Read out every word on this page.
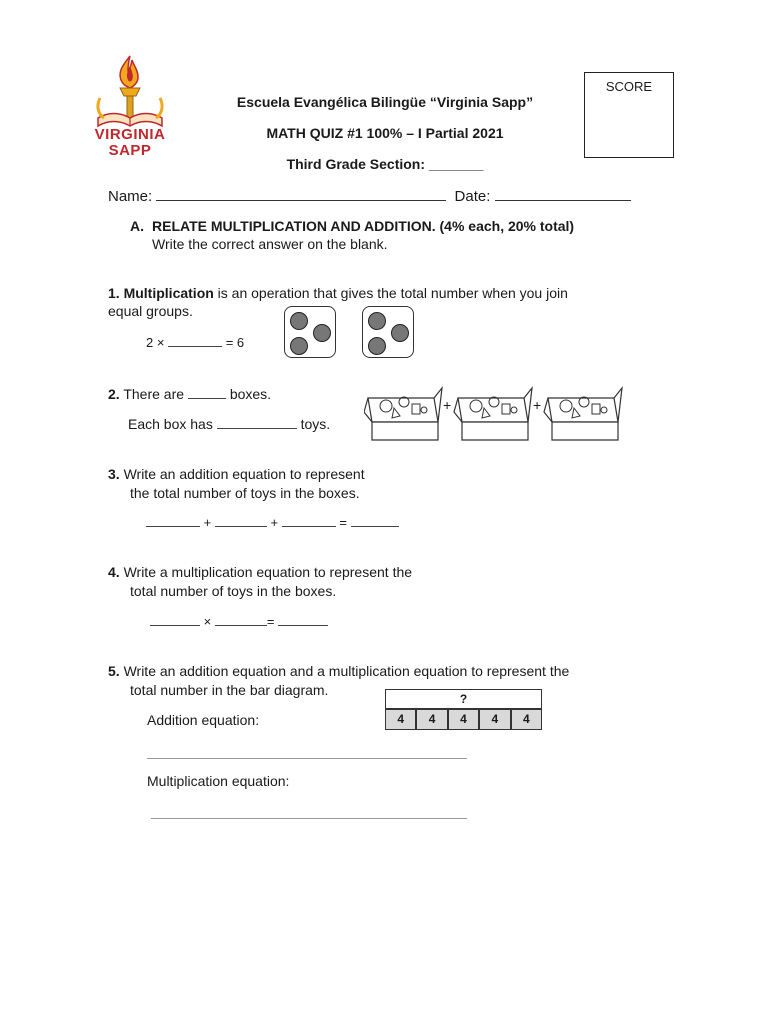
VIRGINIA
SAPP
Escuela Evangélica Bilingüe “Virginia Sapp”
MATH QUIZ #1 100% – I Partial 2021
Third Grade Section: _______
SCORE
Name:	Date:
A. RELATE MULTIPLICATION AND ADDITION. (4% each, 20% total)
Write the correct answer on the blank.
1. Multiplication is an operation that gives the total number when you join
equal groups.
2 ×	= 6
2. There are	boxes.
Each box has	toys.
+	+
3. Write an addition equation to represent
the total number of toys in the boxes.
+	+	=
4. Write a multiplication equation to represent the
total number of toys in the boxes.
×	=
5. Write an addition equation and a multiplication equation to represent the
total number in the bar diagram.
Addition equation:
Multiplication equation:
?
4	4	4	4	4
